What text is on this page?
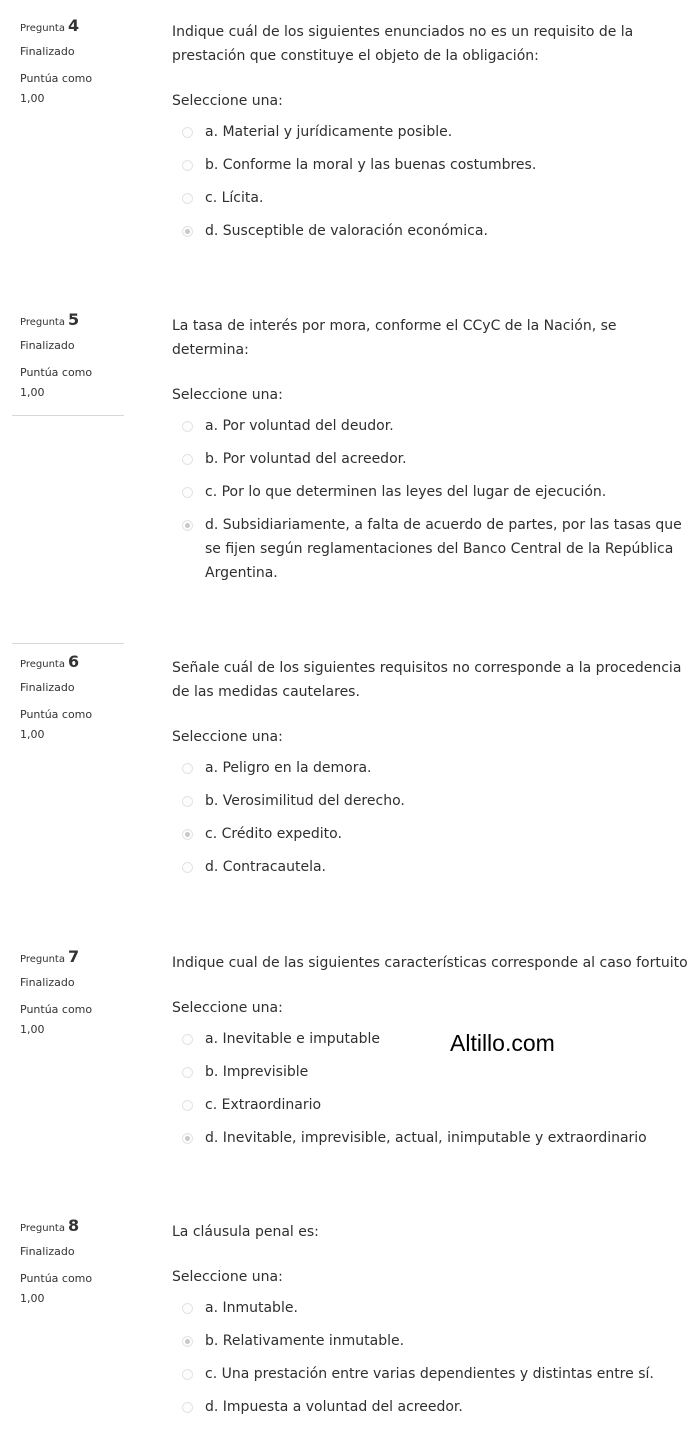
Pregunta 4
Finalizado
Puntúa como
1,00
Indique cuál de los siguientes enunciados no es un requisito de la
prestación que constituye el objeto de la obligación:
Seleccione una:
a. Material y jurídicamente posible.
b. Conforme la moral y las buenas costumbres.
c. Lícita.
d. Susceptible de valoración económica.
Pregunta 5
Finalizado
Puntúa como
1,00
La tasa de interés por mora, conforme el CCyC de la Nación, se
determina:
Seleccione una:
a. Por voluntad del deudor.
b. Por voluntad del acreedor.
c. Por lo que determinen las leyes del lugar de ejecución.
d. Subsidiariamente, a falta de acuerdo de partes, por las tasas que se fijen según reglamentaciones del Banco Central de la República Argentina.
Pregunta 6
Finalizado
Puntúa como
1,00
Señale cuál de los siguientes requisitos no corresponde a la procedencia
de las medidas cautelares.
Seleccione una:
a. Peligro en la demora.
b. Verosimilitud del derecho.
c. Crédito expedito.
d. Contracautela.
Pregunta 7
Finalizado
Puntúa como
1,00
Indique cual de las siguientes características corresponde al caso fortuito
Seleccione una:
a. Inevitable e imputable
b. Imprevisible
c. Extraordinario
d. Inevitable, imprevisible, actual, inimputable y extraordinario
Altillo.com
Pregunta 8
Finalizado
Puntúa como
1,00
La cláusula penal es:
Seleccione una:
a. Inmutable.
b. Relativamente inmutable.
c. Una prestación entre varias dependientes y distintas entre sí.
d. Impuesta a voluntad del acreedor.
